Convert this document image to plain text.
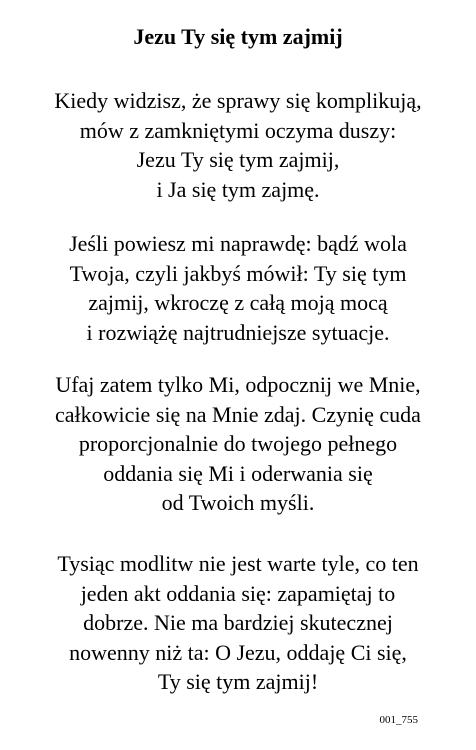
Jezu Ty się tym zajmij

Kiedy widzisz, że sprawy się komplikują,
mów z zamkniętymi oczyma duszy:
Jezu Ty się tym zajmij,
i Ja się tym zajmę.

Jeśli powiesz mi naprawdę: bądź wola
Twoja, czyli jakbyś mówił: Ty się tym
zajmij, wkroczę z całą moją mocą
i rozwiążę najtrudniejsze sytuacje.

Ufaj zatem tylko Mi, odpocznij we Mnie,
całkowicie się na Mnie zdaj. Czynię cuda
proporcjonalnie do twojego pełnego
oddania się Mi i oderwania się
od Twoich myśli.

Tysiąc modlitw nie jest warte tyle, co ten
jeden akt oddania się: zapamiętaj to
dobrze. Nie ma bardziej skutecznej
nowenny niż ta: O Jezu, oddaję Ci się,
Ty się tym zajmij!

001_755
